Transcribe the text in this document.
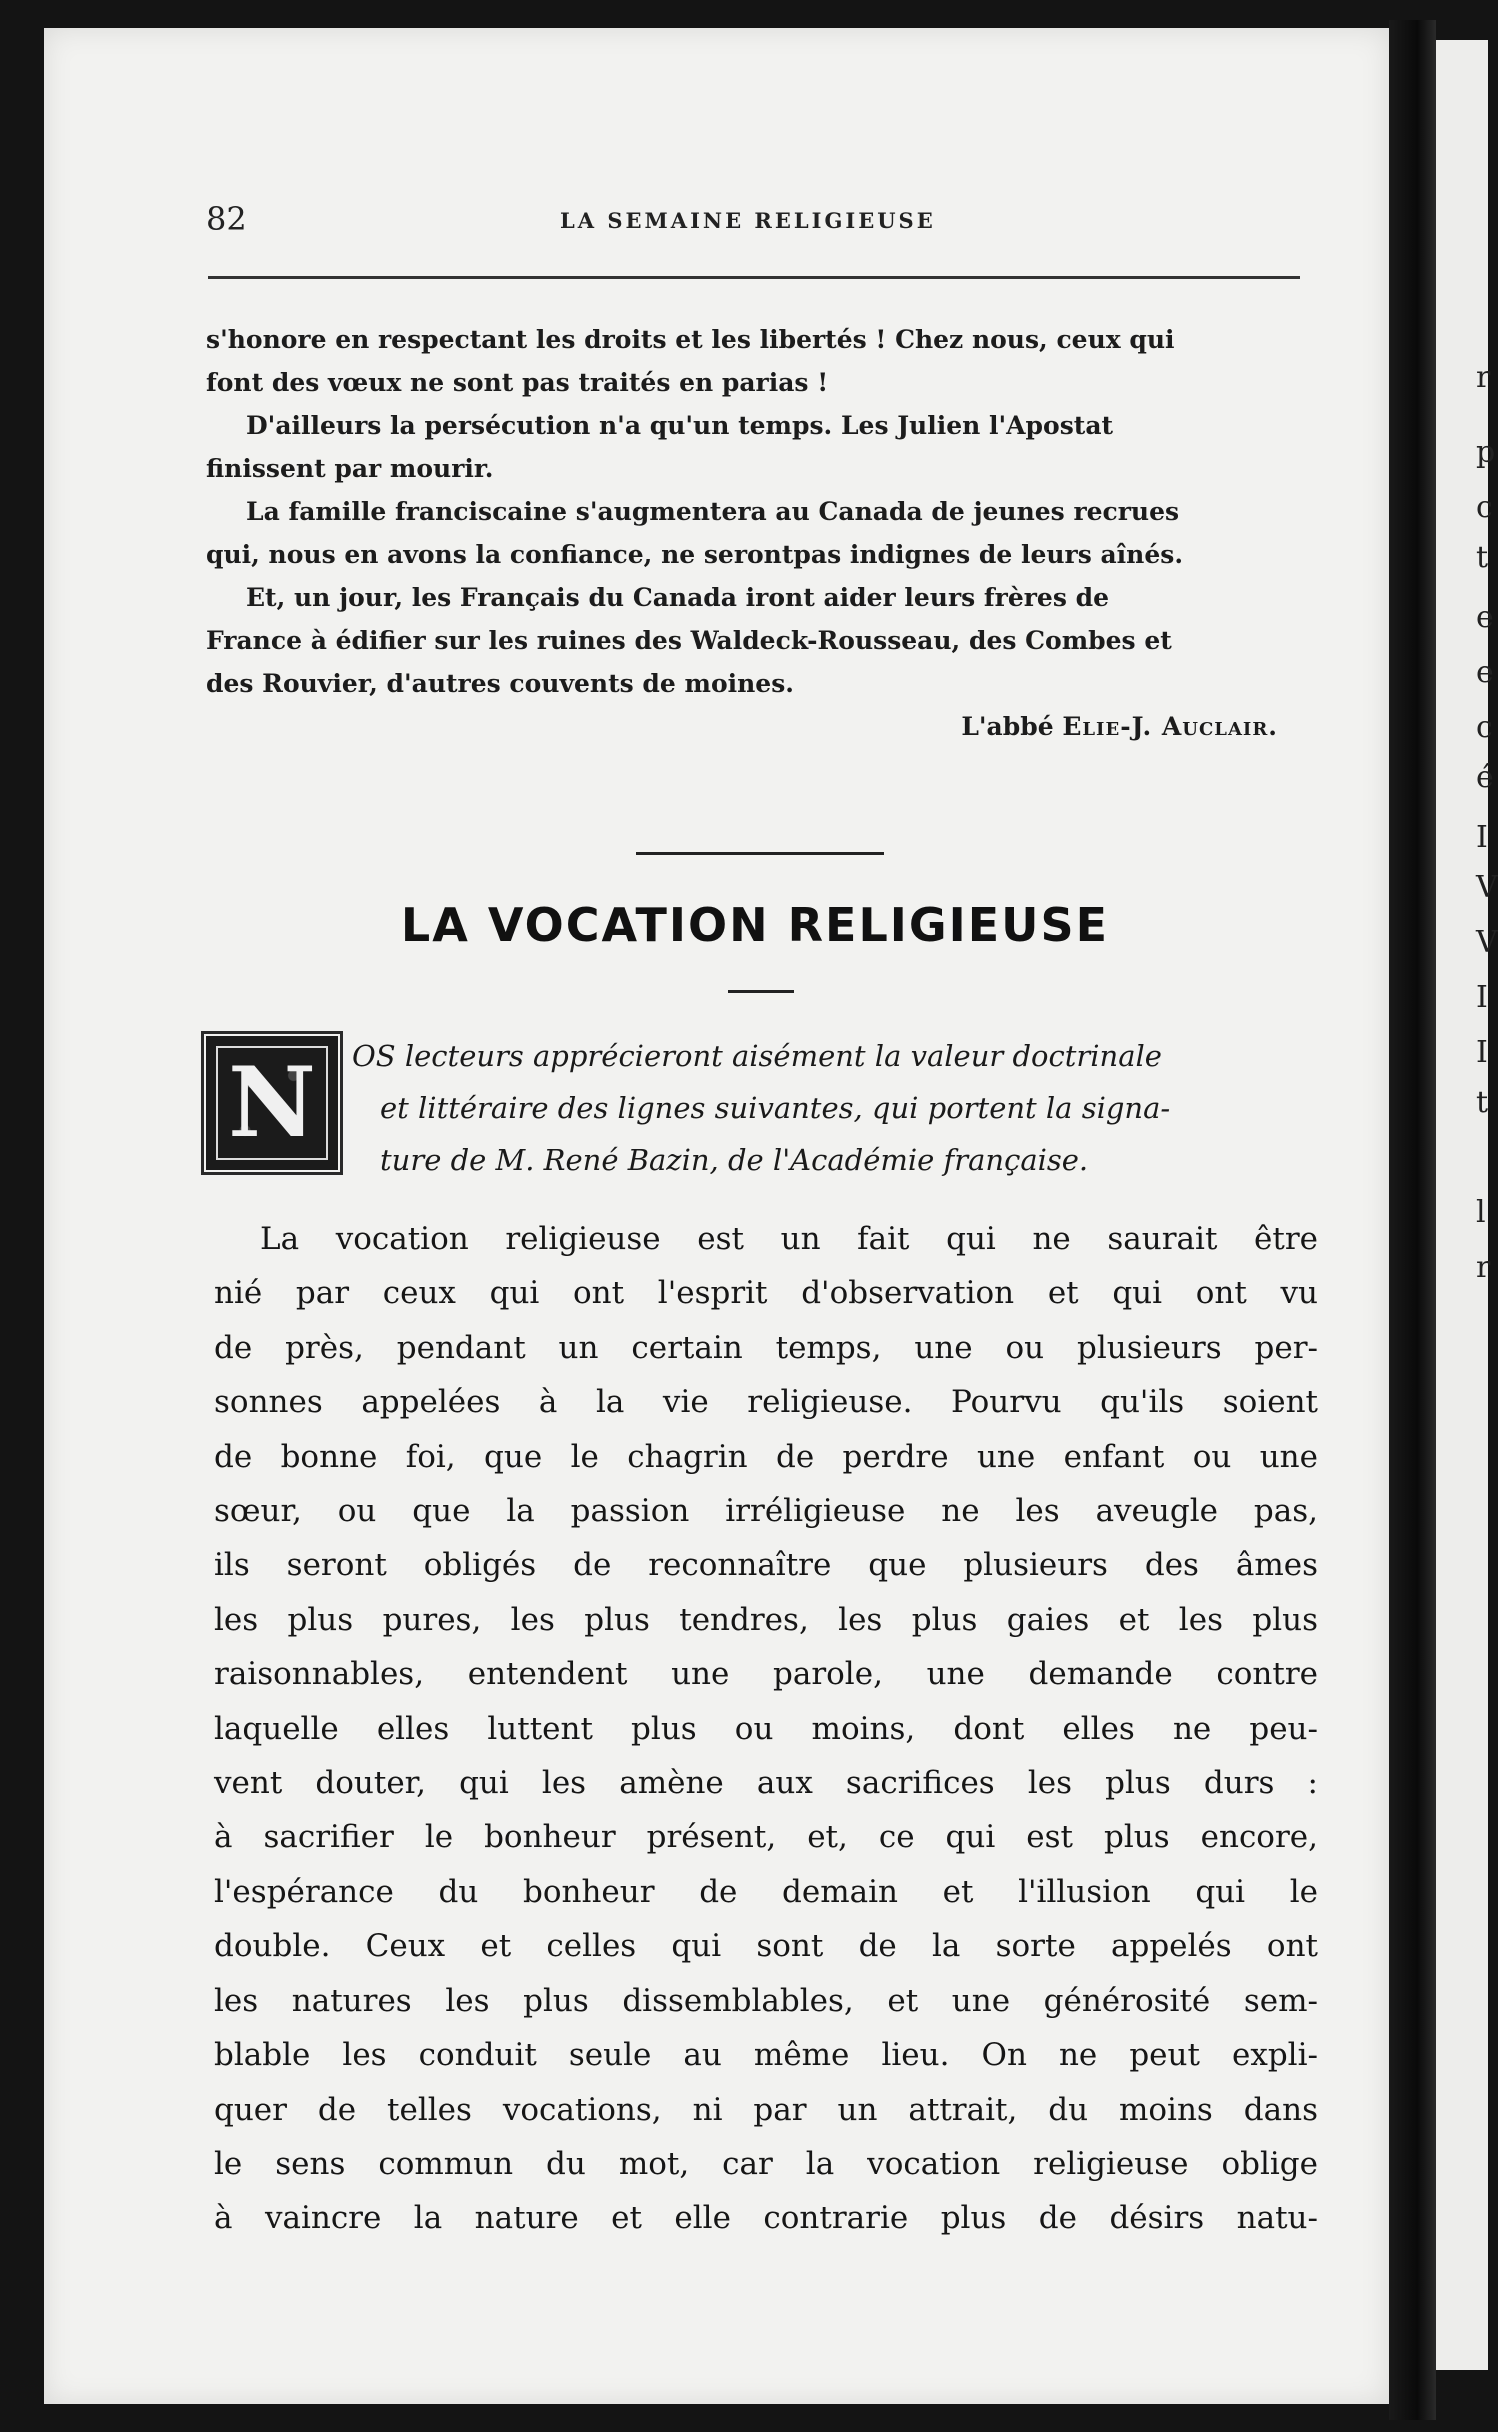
r
p
c
t
e
e
c
é
I
V
V
I
I
t
l
r
82	LA SEMAINE RELIGIEUSE

s'honore en respectant les droits et les libertés ! Chez nous, ceux qui

font des vœux ne sont pas traités en parias !

D'ailleurs la persécution n'a qu'un temps. Les Julien l'Apostat

finissent par mourir.

La famille franciscaine s'augmentera au Canada de jeunes recrues

qui, nous en avons la confiance, ne serontpas indignes de leurs aînés.

Et, un jour, les Français du Canada iront aider leurs frères de

France à édifier sur les ruines des Waldeck-Rousseau, des Combes et

des Rouvier, d'autres couvents de moines.

L'abbé Elie-J. Auclair.

LA VOCATION RELIGIEUSE
N OS lecteurs apprécieront aisément la valeur doctrinale

et littéraire des lignes suivantes, qui portent la signa-

ture de M. René Bazin, de l'Académie française.

La vocation religieuse est un fait qui ne saurait être

nié par ceux qui ont l'esprit d'observation et qui ont vu

de près, pendant un certain temps, une ou plusieurs per-

sonnes appelées à la vie religieuse. Pourvu qu'ils soient

de bonne foi, que le chagrin de perdre une enfant ou une

sœur, ou que la passion irréligieuse ne les aveugle pas,

ils seront obligés de reconnaître que plusieurs des âmes

les plus pures, les plus tendres, les plus gaies et les plus

raisonnables, entendent une parole, une demande contre

laquelle elles luttent plus ou moins, dont elles ne peu-

vent douter, qui les amène aux sacrifices les plus durs :

à sacrifier le bonheur présent, et, ce qui est plus encore,

l'espérance du bonheur de demain et l'illusion qui le

double. Ceux et celles qui sont de la sorte appelés ont

les natures les plus dissemblables, et une générosité sem-

blable les conduit seule au même lieu. On ne peut expli-

quer de telles vocations, ni par un attrait, du moins dans

le sens commun du mot, car la vocation religieuse oblige

à vaincre la nature et elle contrarie plus de désirs natu-
